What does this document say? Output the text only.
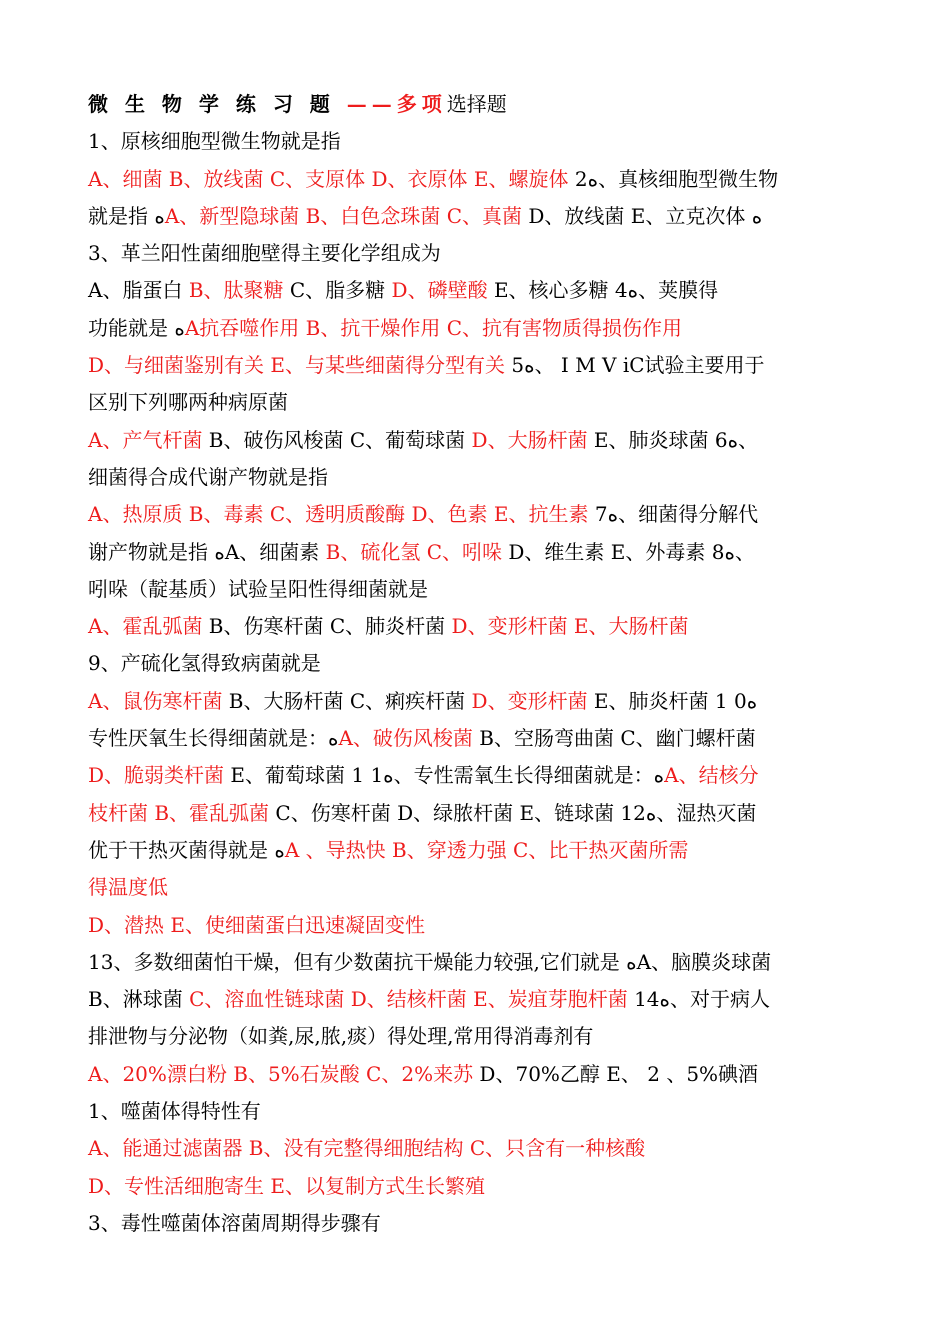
微 生 物 学 练 习 题 ——多项选择题
1、原核细胞型微生物就是指
A、细菌 B、放线菌 C、支原体 D、衣原体 E、螺旋体 2ﻩ、真核细胞型微生物
就是指 ﻩA、新型隐球菌 B、白色念珠菌 C、真菌 D、放线菌 E、立克次体 ﻩ
3、革兰阳性菌细胞壁得主要化学组成为
A、脂蛋白 B、肽聚糖 C、脂多糖 D、磷壁酸 E、核心多糖 4ﻩ、荚膜得
功能就是 ﻩA抗吞噬作用 B、抗干燥作用 C、抗有害物质得损伤作用
D、与细菌鉴别有关 E、与某些细菌得分型有关 5ﻩ、 I M V iC试验主要用于
区别下列哪两种病原菌
A、产气杆菌 B、破伤风梭菌 C、葡萄球菌 D、大肠杆菌 E、肺炎球菌 6ﻩ、
细菌得合成代谢产物就是指
A、热原质 B、毒素 C、透明质酸酶 D、色素 E、抗生素 7ﻩ、细菌得分解代
谢产物就是指 ﻩA、细菌素 B、硫化氢 C、吲哚 D、维生素 E、外毒素 8ﻩ、
吲哚（靛基质）试验呈阳性得细菌就是
A、霍乱弧菌 B、伤寒杆菌 C、肺炎杆菌 D、变形杆菌 E、大肠杆菌
9、产硫化氢得致病菌就是
A、鼠伤寒杆菌 B、大肠杆菌 C、痢疾杆菌 D、变形杆菌 E、肺炎杆菌 1 0ﻩ
专性厌氧生长得细菌就是：ﻩA、破伤风梭菌 B、空肠弯曲菌 C、幽门螺杆菌
D、脆弱类杆菌 E、葡萄球菌 1 1ﻩ、专性需氧生长得细菌就是：ﻩA、结核分
枝杆菌 B、霍乱弧菌 C、伤寒杆菌 D、绿脓杆菌 E、链球菌 12ﻩ、湿热灭菌
优于干热灭菌得就是 ﻩA 、导热快 B、穿透力强 C、比干热灭菌所需
得温度低
D、潜热 E、使细菌蛋白迅速凝固变性
13、多数细菌怕干燥，但有少数菌抗干燥能力较强,它们就是 ﻩA、脑膜炎球菌
B、淋球菌 C、溶血性链球菌 D、结核杆菌 E、炭疽芽胞杆菌 14ﻩ、对于病人
排泄物与分泌物（如粪,尿,脓,痰）得处理,常用得消毒剂有
A、20%漂白粉 B、5%石炭酸 C、2%来苏 D、70%乙醇 E、 2 、5%碘酒
1、噬菌体得特性有
A、能通过滤菌器 B、没有完整得细胞结构 C、只含有一种核酸
D、专性活细胞寄生 E、以复制方式生长繁殖
3、毒性噬菌体溶菌周期得步骤有
